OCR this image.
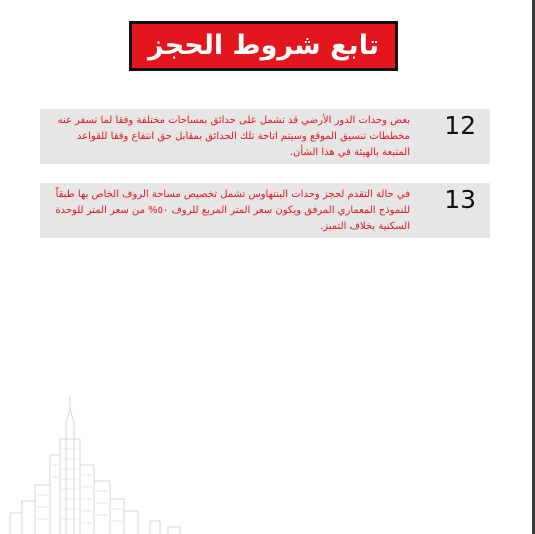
تابع شروط الحجز
12
بعض وحدات الدور الأرضي قد تشمل على حدائق بمساحات مختلفة وفقا لما تسفر عنه مخططات تنسيق الموقع وسيتم اتاحة تلك الحدائق بمقابل حق انتفاع وفقا للقواعد المتبعة بالهيئة في هذا الشأن.
13
في حالة التقدم لحجز وحدات البنتهاوس تشمل تخصيص مساحة الروف الخاص بها طبقاً للنموذج المعماري المرفق ويكون سعر المتر المربع للروف ٥٠% من سعر المتر للوحدة السكنية بخلاف التميز.
